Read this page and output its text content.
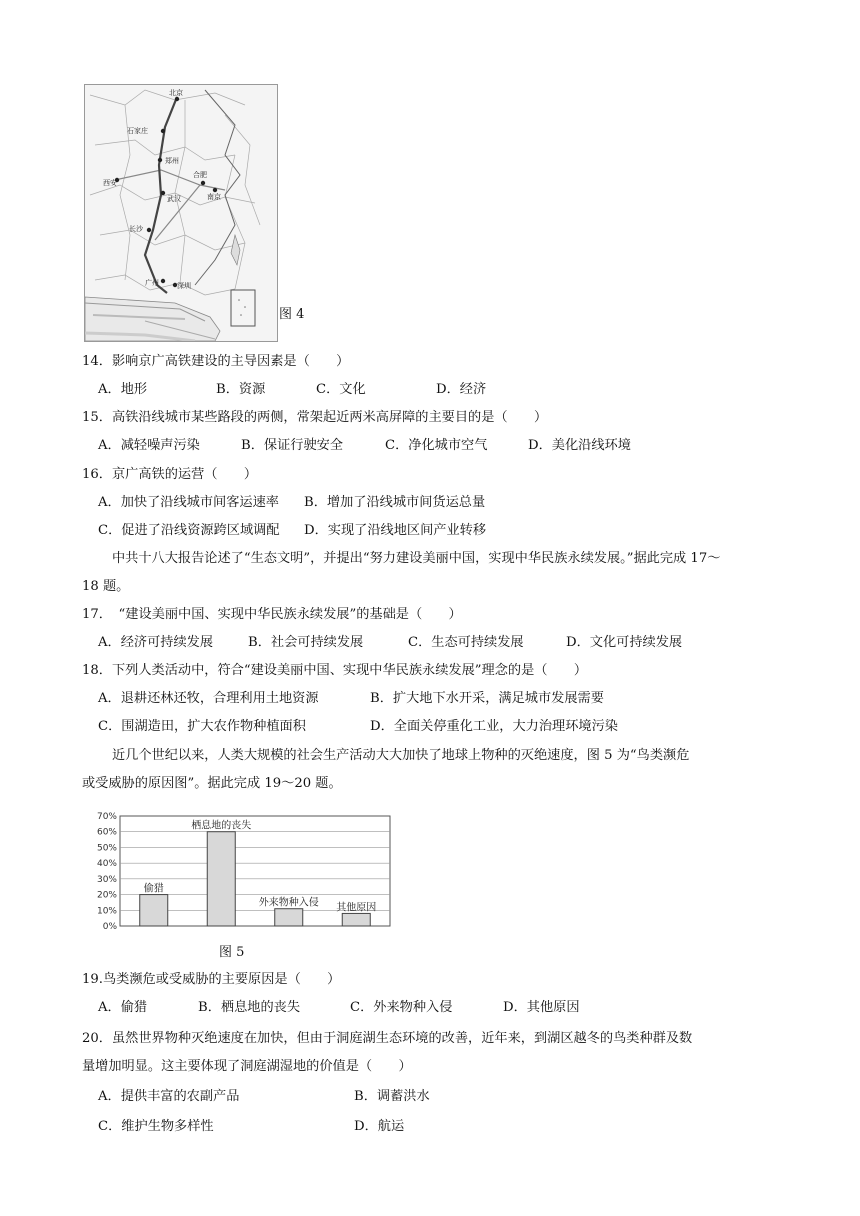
北京
石家庄
郑州
西安
合肥
南京
武汉
长沙
广州	深圳
图 4
14．影响京广高铁建设的主导因素是（　　）
A．地形	B．资源	C．文化	D．经济
15．高铁沿线城市某些路段的两侧，常架起近两米高屏障的主要目的是（　　）
A．减轻噪声污染	B．保证行驶安全	C．净化城市空气	D．美化沿线环境
16．京广高铁的运营（　　）
A．加快了沿线城市间客运速率 B．增加了沿线城市间货运总量
C．促进了沿线资源跨区域调配 D．实现了沿线地区间产业转移
中共十八大报告论述了“生态文明”，并提出“努力建设美丽中国，实现中华民族永续发展。”据此完成 17～
18 题。
17．　“建设美丽中国、实现中华民族永续发展”的基础是（　　）
A．经济可持续发展	B．社会可持续发展	C．生态可持续发展	D．文化可持续发展
18．下列人类活动中，符合“建设美丽中国、实现中华民族永续发展”理念的是（　　）
A．退耕还林还牧，合理利用土地资源	B．扩大地下水开采，满足城市发展需要
C．围湖造田，扩大农作物种植面积	D．全面关停重化工业，大力治理环境污染
近几个世纪以来，人类大规模的社会生产活动大大加快了地球上物种的灭绝速度，图 5 为“鸟类濒危
或受威胁的原因图”。据此完成 19～20 题。
0%
10%
20%
30%
40%
50%
60%
70%
偷猎
栖息地的丧失
外来物种入侵 其他原因
图 5
19.鸟类濒危或受威胁的主要原因是（　　）
A．偷猎	B．栖息地的丧失	C．外来物种入侵	D．其他原因
20．虽然世界物种灭绝速度在加快，但由于洞庭湖生态环境的改善，近年来，到湖区越冬的鸟类种群及数
量增加明显。这主要体现了洞庭湖湿地的价值是（　　）
A．提供丰富的农副产品	B．调蓄洪水
C．维护生物多样性	D．航运
